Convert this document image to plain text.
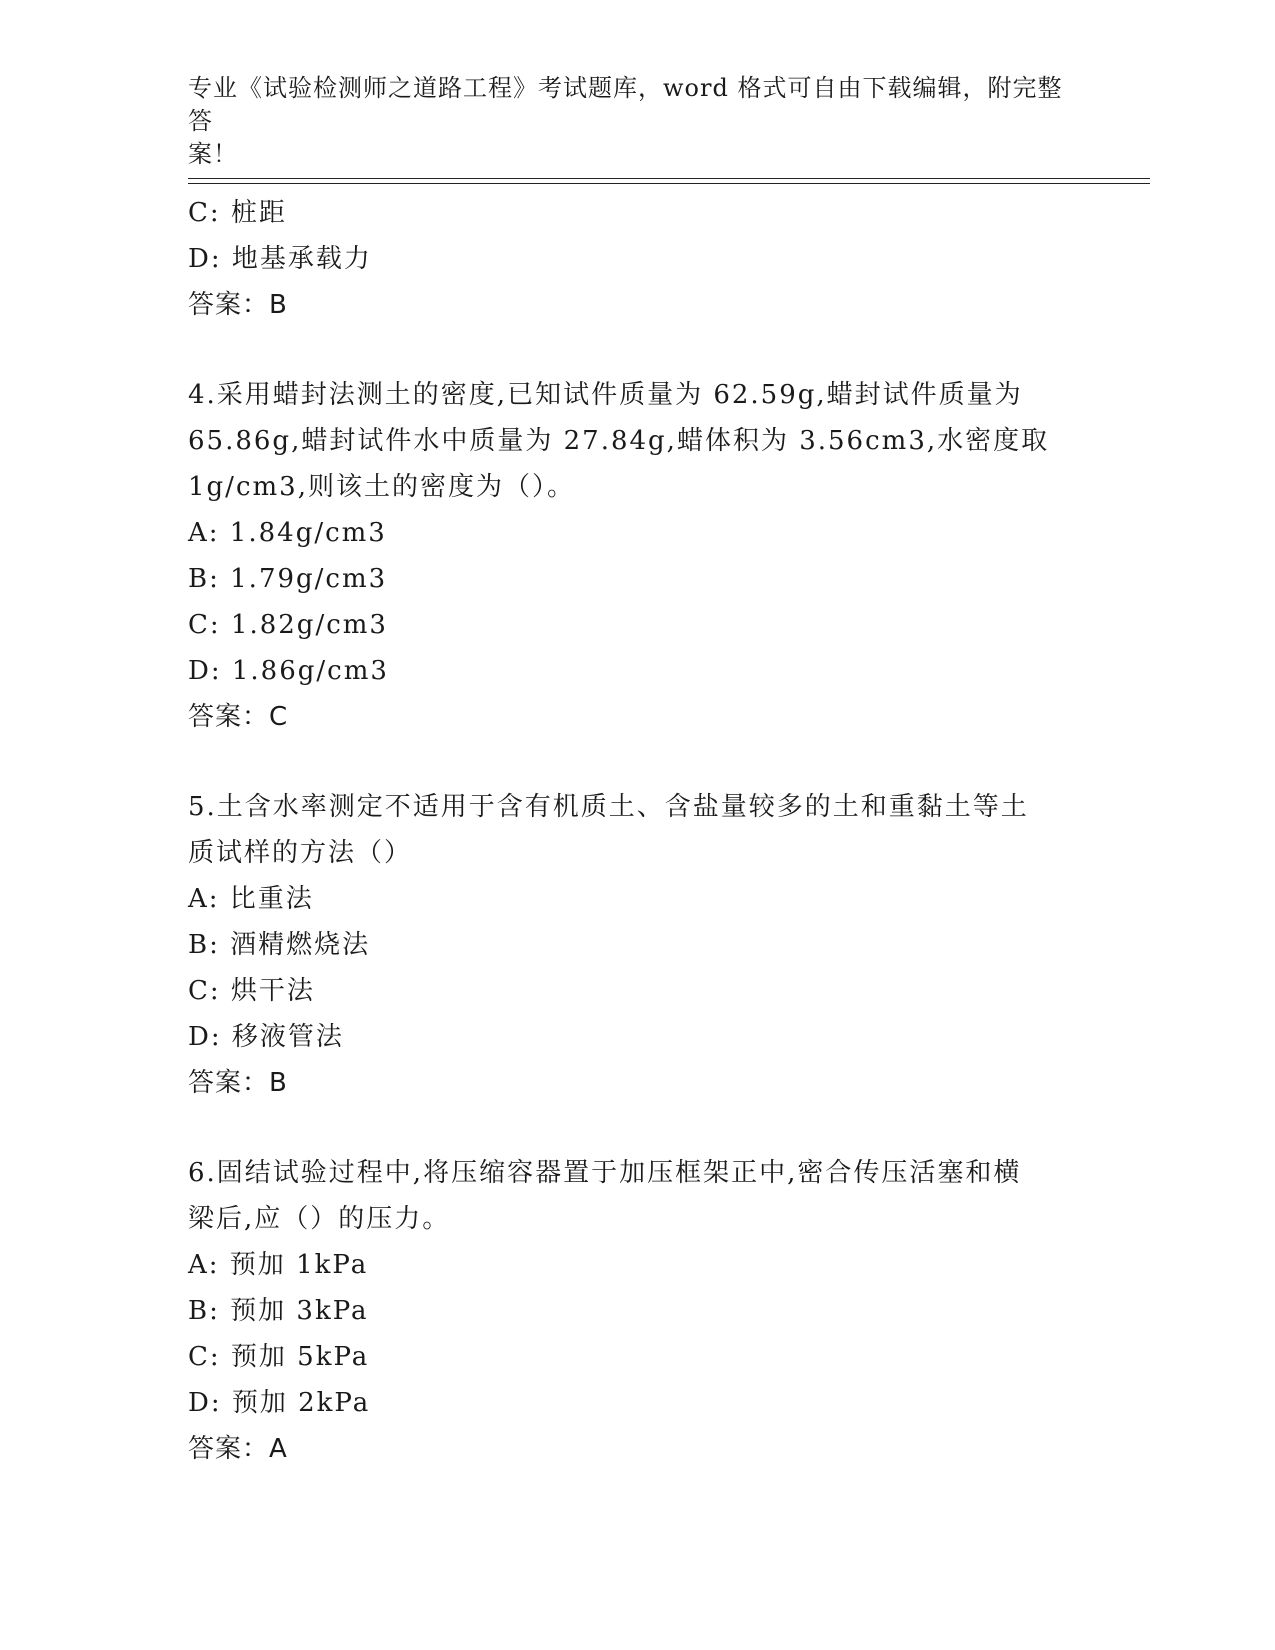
专业《试验检测师之道路工程》考试题库，word 格式可自由下载编辑，附完整答
案！
C: 桩距
D: 地基承载力
答案：B
4.采用蜡封法测土的密度,已知试件质量为 62.59g,蜡封试件质量为
65.86g,蜡封试件水中质量为 27.84g,蜡体积为 3.56cm3,水密度取
1g/cm3,则该土的密度为（）。
A: 1.84g/cm3
B: 1.79g/cm3
C: 1.82g/cm3
D: 1.86g/cm3
答案：C
5.土含水率测定不适用于含有机质土、含盐量较多的土和重黏土等土
质试样的方法（）
A: 比重法
B: 酒精燃烧法
C: 烘干法
D: 移液管法
答案：B
6.固结试验过程中,将压缩容器置于加压框架正中,密合传压活塞和横
梁后,应（）的压力。
A: 预加 1kPa
B: 预加 3kPa
C: 预加 5kPa
D: 预加 2kPa
答案：A
